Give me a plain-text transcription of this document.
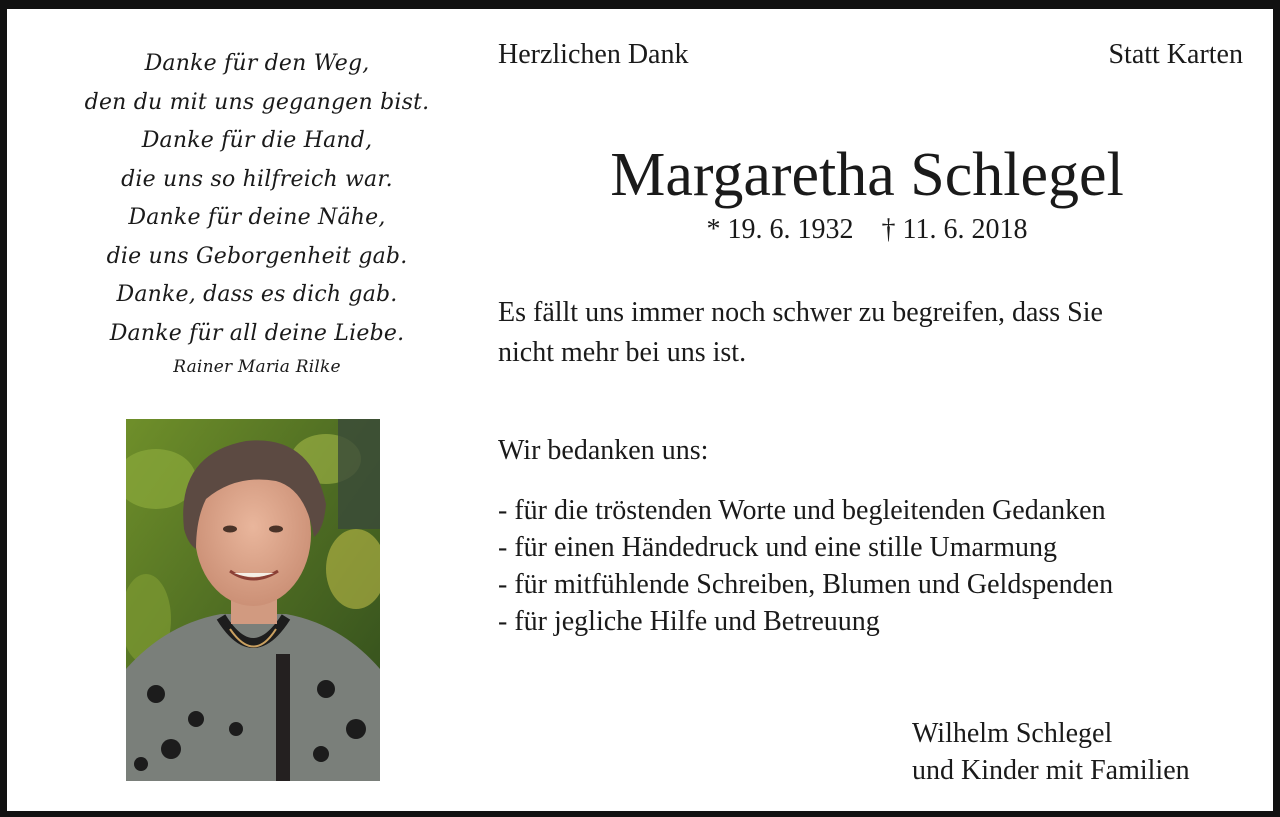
Danke für den Weg,
den du mit uns gegangen bist.
Danke für die Hand,
die uns so hilfreich war.
Danke für deine Nähe,
die uns Geborgenheit gab.
Danke, dass es dich gab.
Danke für all deine Liebe.
Rainer Maria Rilke
Herzlichen Dank	Statt Karten
Margaretha Schlegel
* 19. 6. 1932 † 11. 6. 2018
Es fällt uns immer noch schwer zu begreifen, dass Sie
nicht mehr bei uns ist.
Wir bedanken uns:
- für die tröstenden Worte und begleitenden Gedanken
- für einen Händedruck und eine stille Umarmung
- für mitfühlende Schreiben, Blumen und Geldspenden
- für jegliche Hilfe und Betreuung
Wilhelm Schlegel
und Kinder mit Familien
